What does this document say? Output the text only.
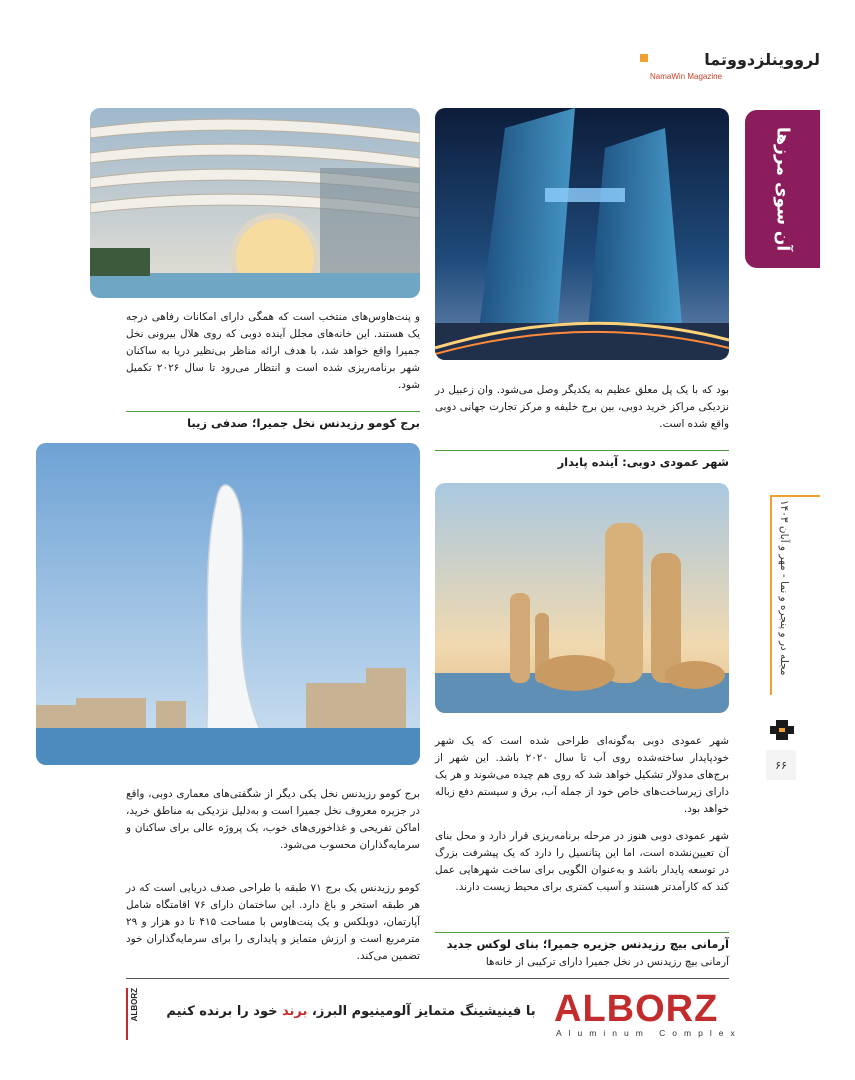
لرووینلزدووتما
NamaWin Magazine
آن سوی مرزها
مجله در و پنجره و نما - مهر و آبان ۱۴۰۳
۶۶
بود که با یک پل معلق عظیم به یکدیگر وصل می‌شود. وان زعبیل در نزدیکی مراکز خرید دوبی، بین برج خلیفه و مرکز تجارت جهانی دوبی واقع شده است.
شهر عمودی دوبی: آینده پایدار
شهر عمودی دوبی به‌گونه‌ای طراحی شده است که یک شهر خودپایدار ساخته‌شده روی آب تا سال ۲۰۲۰ باشد. این شهر از برج‌های مدولار تشکیل خواهد شد که روی هم چیده می‌شوند و هر یک دارای زیرساخت‌های خاص خود از جمله آب، برق و سیستم دفع زباله خواهد بود.
شهر عمودی دوبی هنوز در مرحله برنامه‌ریزی قرار دارد و محل بنای آن تعیین‌نشده است، اما این پتانسیل را دارد که یک پیشرفت بزرگ در توسعه پایدار باشد و به‌عنوان الگویی برای ساخت شهرهایی عمل کند که کارآمدتر هستند و آسیب کمتری برای محیط زیست دارند.
آرمانی بیچ رزیدنس جزیره جمیرا؛ بنای لوکس جدید
آرمانی بیچ رزیدنس در نخل جمیرا دارای ترکیبی از خانه‌ها
و پنت‌هاوس‌های منتخب است که همگی دارای امکانات رفاهی درجه یک هستند. این خانه‌های مجلل آینده دوبی که روی هلال بیرونی نخل جمیرا واقع خواهد شد، با هدف ارائه مناظر بی‌نظیر دریا به ساکنان شهر برنامه‌ریزی شده است و انتظار می‌رود تا سال ۲۰۲۶ تکمیل شود.
برج کومو رزیدنس نخل جمیرا؛ صدفی زیبا
برج کومو رزیدنس نخل یکی دیگر از شگفتی‌های معماری دوبی، واقع در جزیره معروف نخل جمیرا است و به‌دلیل نزدیکی به مناطق خرید، اماکن تفریحی و غذاخوری‌های خوب، یک پروژه عالی برای ساکنان و سرمایه‌گذاران محسوب می‌شود.
کومو رزیدنس یک برج ۷۱ طبقه با طراحی صدف دریایی است که در هر طبقه استخر و باغ دارد. این ساختمان دارای ۷۶ اقامتگاه شامل آپارتمان، دوبلکس و یک پنت‌هاوس با مساحت ۴۱۵ تا دو هزار و ۲۹ مترمربع است و ارزش متمایز و پایداری را برای سرمایه‌گذاران خود تضمین می‌کند.
ALBORZ	با فینیشینگ متمایز آلومینیوم البرز، برند خود را برنده کنیم	ALBORZ
Aluminum Complex
